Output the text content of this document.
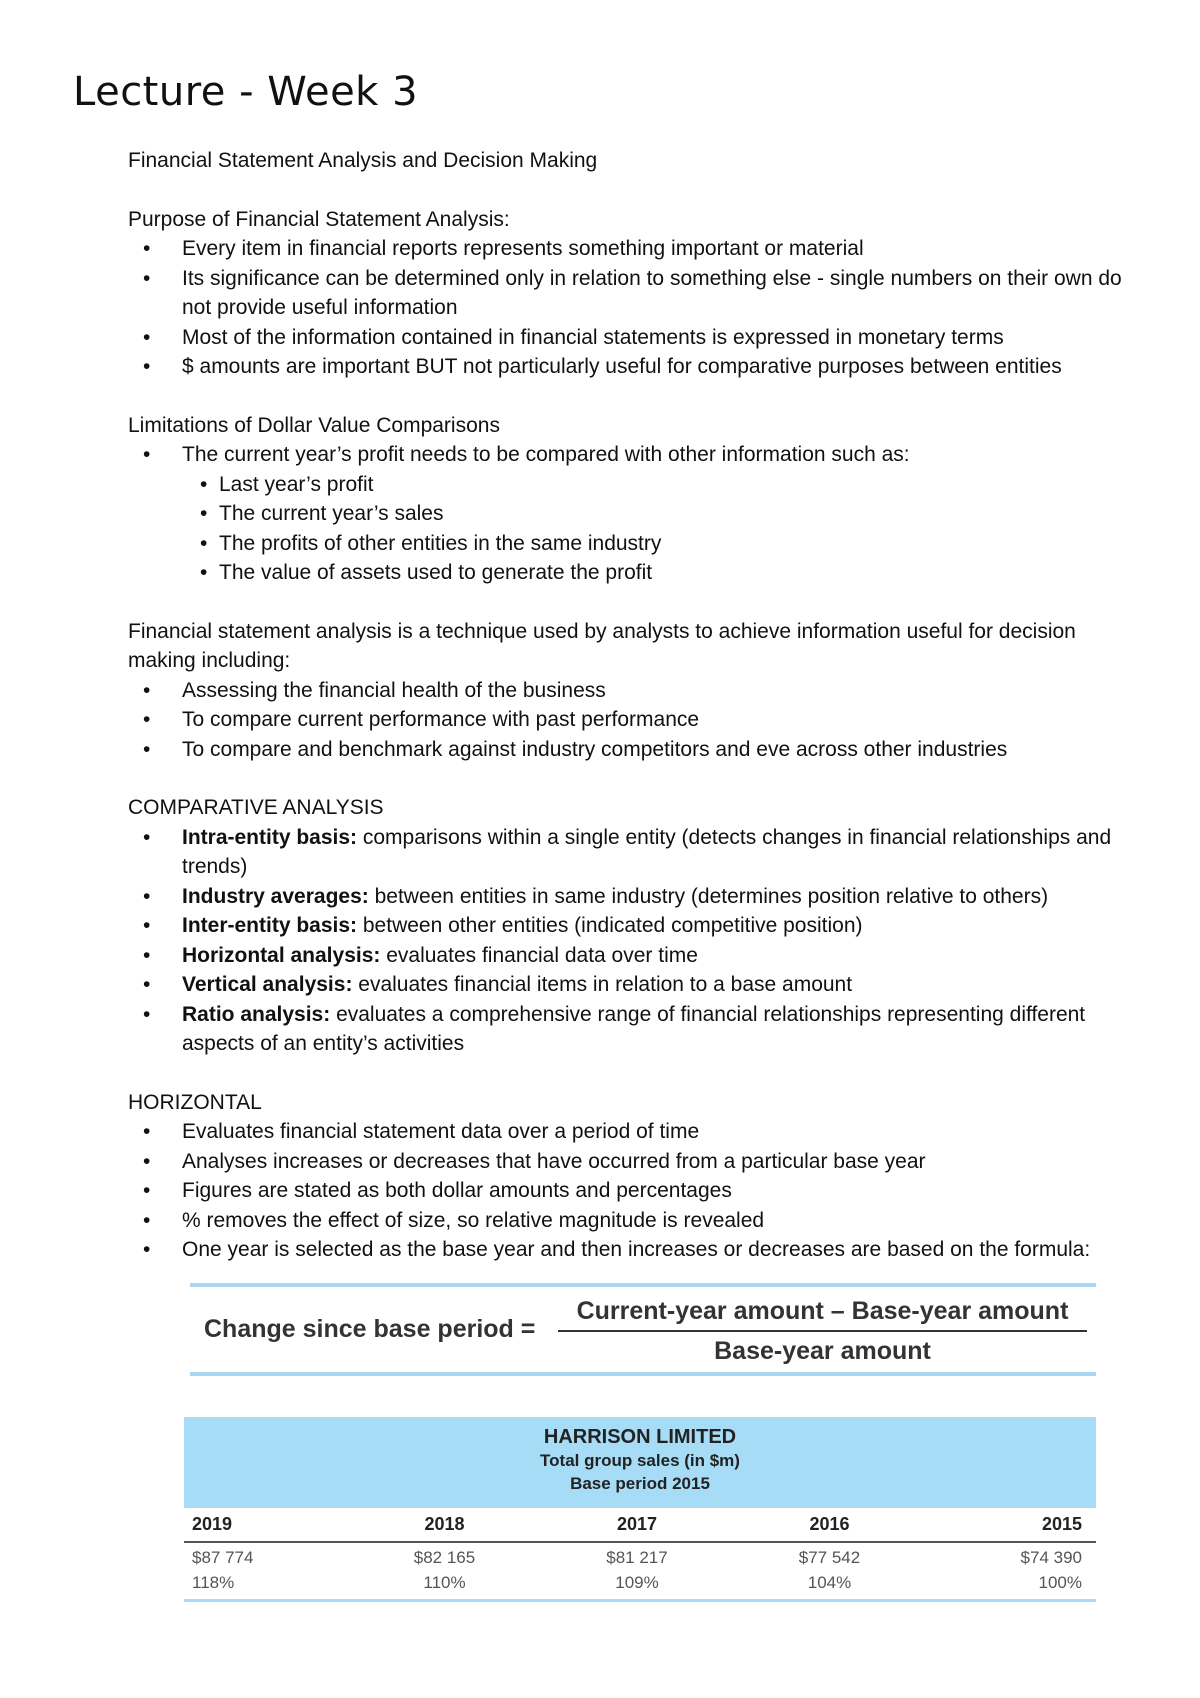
Lecture - Week 3

Financial Statement Analysis and Decision Making

Purpose of Financial Statement Analysis:

• Every item in financial reports represents something important or material
• Its significance can be determined only in relation to something else - single numbers on their own do not provide useful information
• Most of the information contained in financial statements is expressed in monetary terms
• $ amounts are important BUT not particularly useful for comparative purposes between entities

Limitations of Dollar Value Comparisons

• The current year’s profit needs to be compared with other information such as:
• Last year’s profit
• The current year’s sales
• The profits of other entities in the same industry
• The value of assets used to generate the profit

Financial statement analysis is a technique used by analysts to achieve information useful for decision making including:

• Assessing the financial health of the business
• To compare current performance with past performance
• To compare and benchmark against industry competitors and eve across other industries

COMPARATIVE ANALYSIS

• Intra-entity basis: comparisons within a single entity (detects changes in financial relationships and trends)
• Industry averages: between entities in same industry (determines position relative to others)
• Inter-entity basis: between other entities (indicated competitive position)
• Horizontal analysis: evaluates financial data over time
• Vertical analysis: evaluates financial items in relation to a base amount
• Ratio analysis: evaluates a comprehensive range of financial relationships representing different aspects of an entity’s activities

HORIZONTAL

• Evaluates financial statement data over a period of time
• Analyses increases or decreases that have occurred from a particular base year
• Figures are stated as both dollar amounts and percentages
• % removes the effect of size, so relative magnitude is revealed
• One year is selected as the base year and then increases or decreases are based on the formula:
Change since base period =
Current-year amount – Base-year amount
Base-year amount
HARRISON LIMITED
Total group sales (in $m)
Base period 2015
2019	2018	2017	2016	2015
$87 774	$82 165	$81 217	$77 542	$74 390
118%	110%	109%	104%	100%
